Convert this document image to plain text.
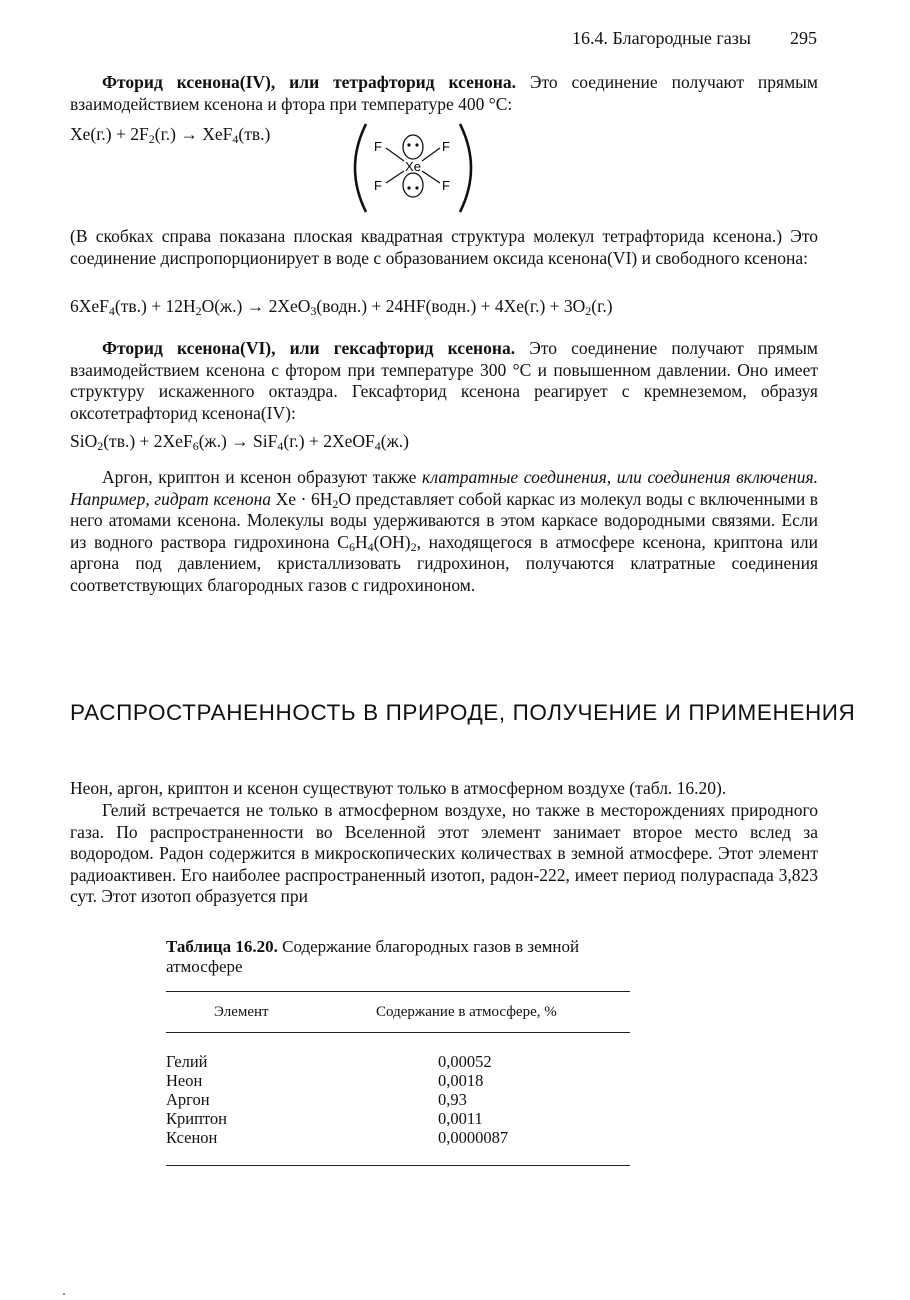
16.4. Благородные газы 295
Фторид ксенона(IV), или тетрафторид ксенона. Это соединение получают прямым взаимодействием ксенона и фтора при температуре 400 °C:
$Xe(г.) + 2F_2(г.) \to XeF_4(тв.)$
F	F
F	F
Xe
(В скобках справа показана плоская квадратная структура молекул тетрафторида ксенона.) Это соединение диспропорционирует в воде с образованием оксида ксенона(VI) и свободного ксенона:
$6XeF_4(тв.) + 12H_2O(ж.)$ → 2XeO$_3$(водн.) + 24HF(водн.) + $4Xe(г.) + 3O_2(г.)$
Фторид ксенона(VI), или гексафторид ксенона. Это соединение получают прямым взаимодействием ксенона с фтором при температуре 300 °C и повышенном давлении. Оно имеет структуру искаженного октаэдра. Гексафторид ксенона реагирует с кремнеземом, образуя оксотетрафторид ксенона(IV):
SiO$_2$(тв.) + 2XeF$_6$(ж.) → SiF$_4$(г.) + 2XeOF$_4$(ж.)
Аргон, криптон и ксенон образуют также клатратные соединения, или соединения включения. Например, гидрат ксенона $Xe \cdot 6H_2O$ представляет собой каркас из молекул воды с включенными в него атомами ксенона. Молекулы воды удерживаются в этом каркасе водородными связями. Если из водного раствора гидрохинона $C_6H_4(OH)_2$, находящегося в атмосфере ксенона, криптона или аргона под давлением, кристаллизовать гидрохинон, получаются клатратные соединения соответствующих благородных газов с гидрохиноном.
РАСПРОСТРАНЕННОСТЬ В ПРИРОДЕ, ПОЛУЧЕНИЕ И ПРИМЕНЕНИЯ
Неон, аргон, криптон и ксенон существуют только в атмосферном воздухе (табл. 16.20).
Гелий встречается не только в атмосферном воздухе, но также в месторождениях природного газа. По распространенности во Вселенной этот элемент занимает второе место вслед за водородом. Радон содержится в микроскопических количествах в земной атмосфере. Этот элемент радиоактивен. Его наиболее распространенный изотоп, радон-222, имеет период полураспада 3,823 сут. Этот изотоп образуется при
Таблица 16.20. Содержание благородных газов в земной атмосфере
Элемент	Содержание в атмосфере, %
Гелий	0,00052
Неон	0,0018
Аргон	0,93
Криптон	0,0011
Ксенон	0,0000087
